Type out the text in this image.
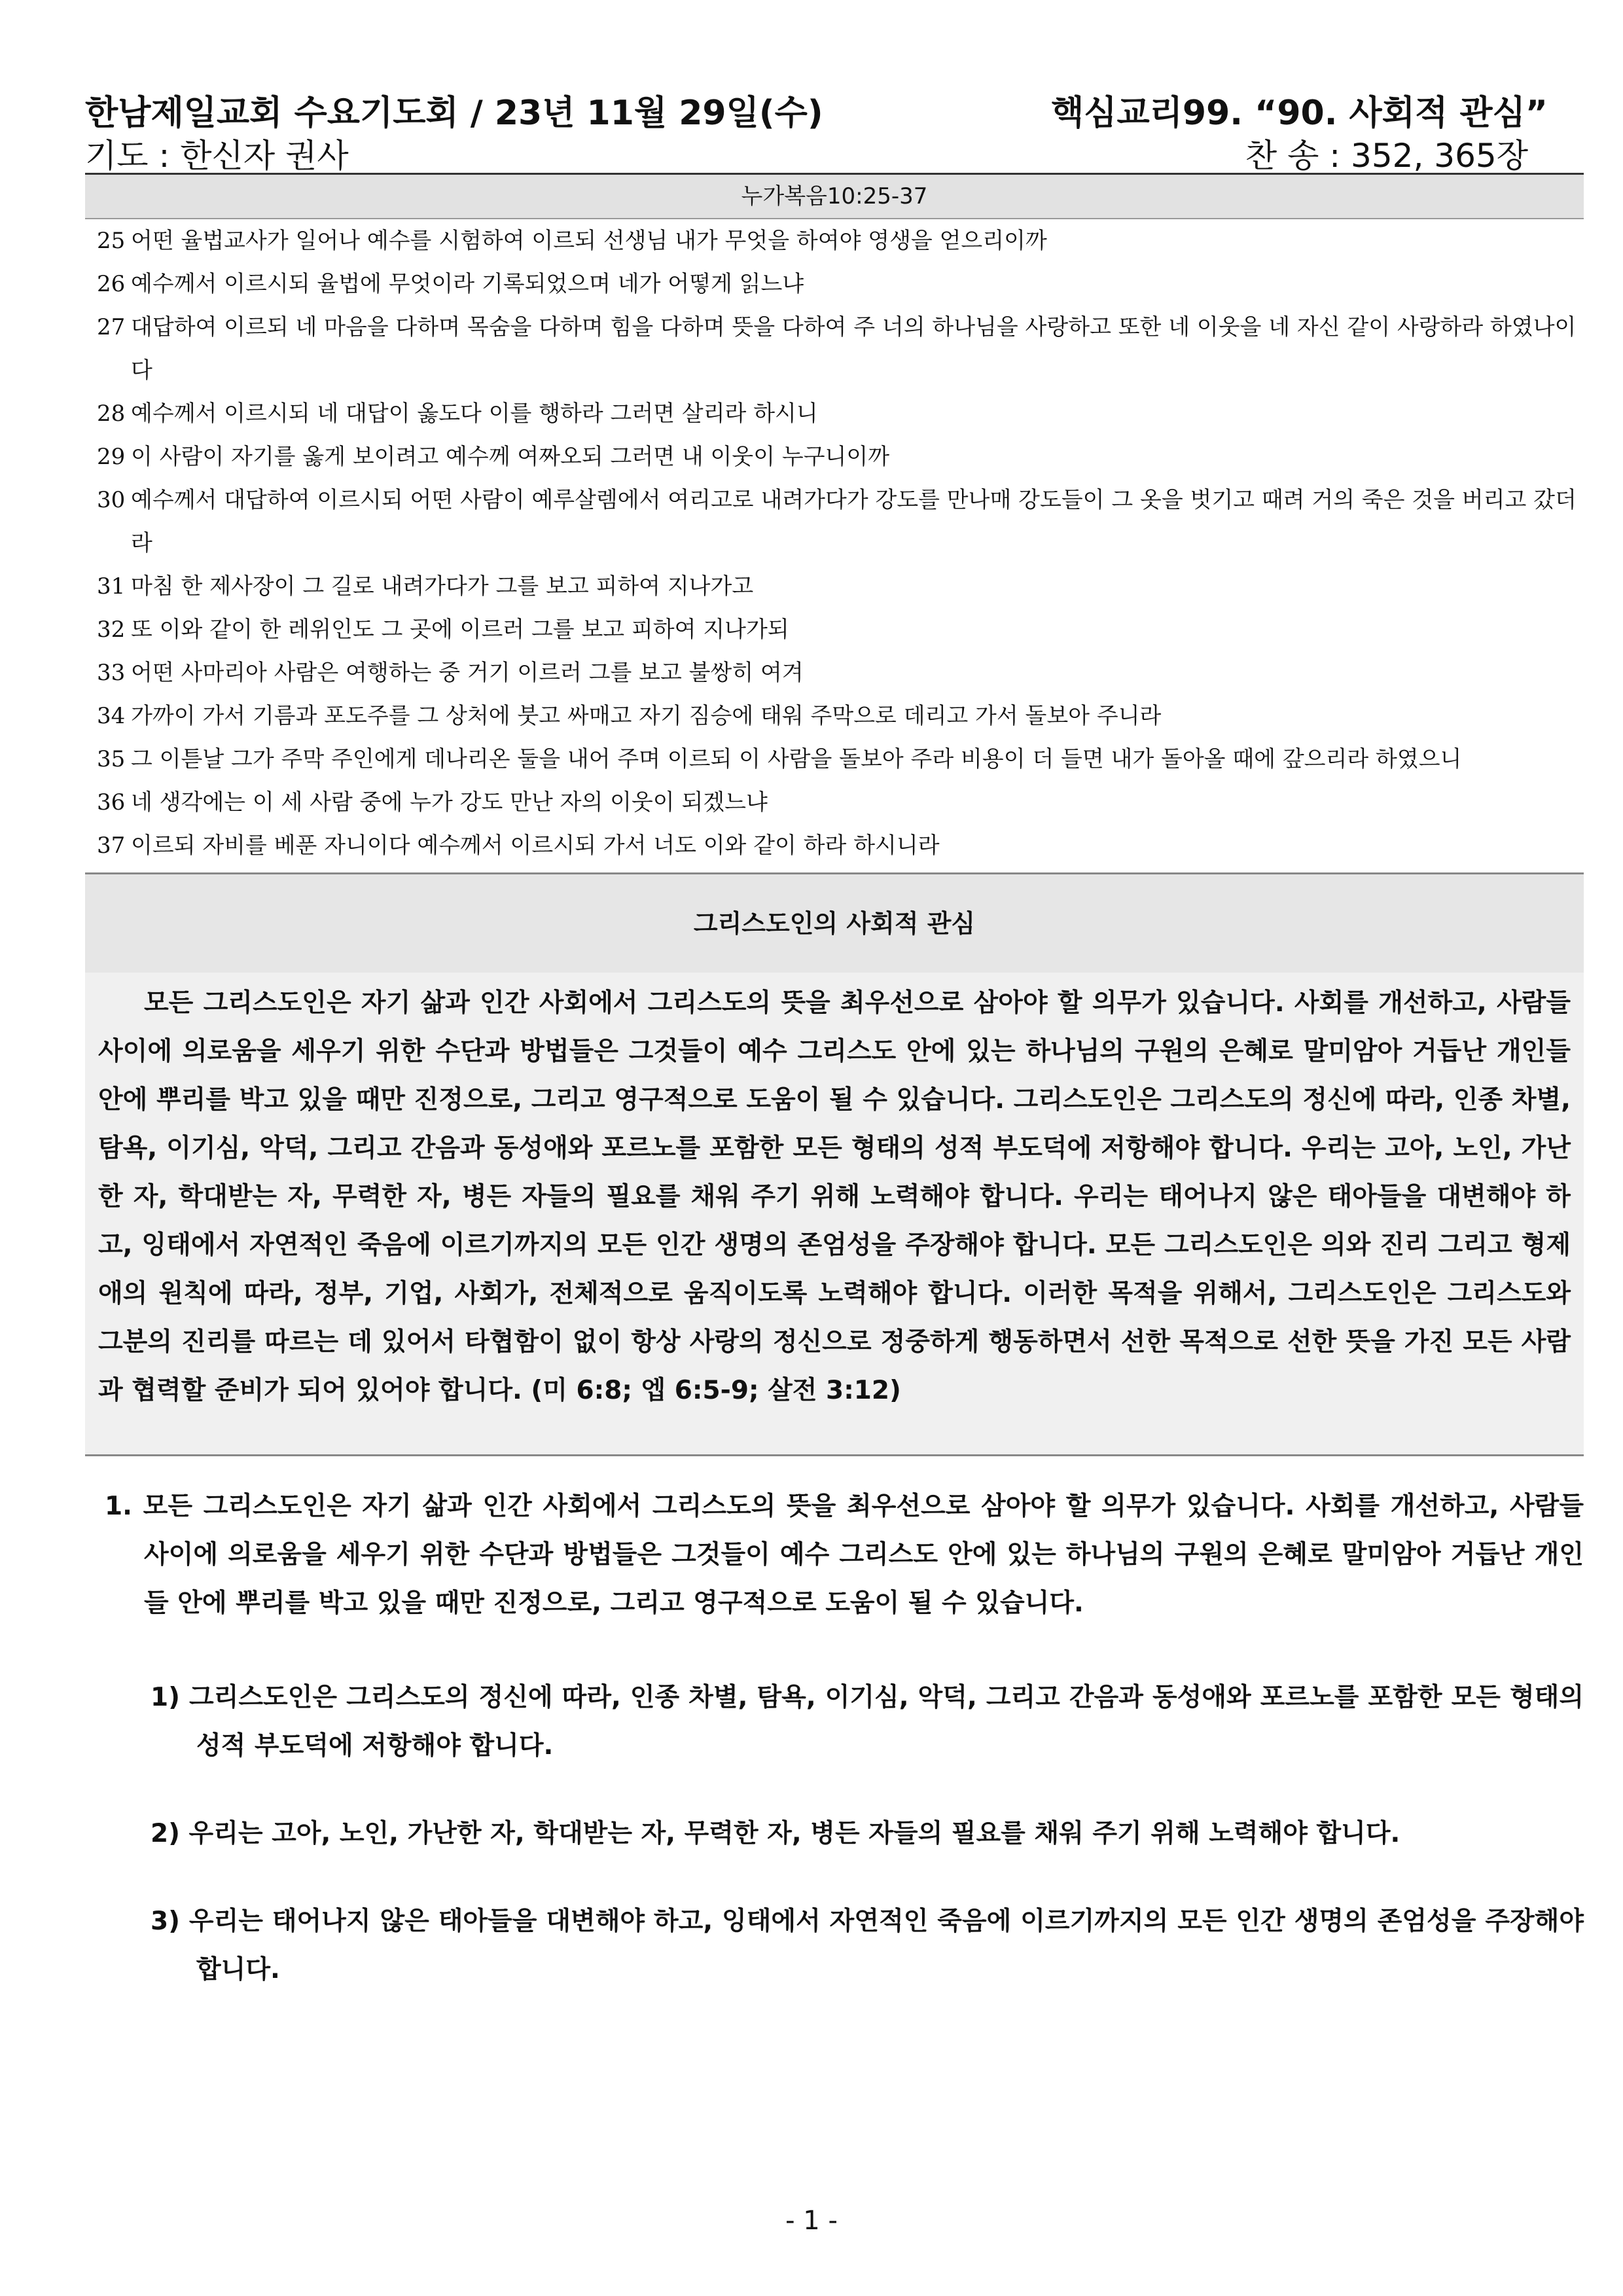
한남제일교회 수요기도회 / 23년 11월 29일(수)	핵심교리99. “90. 사회적 관심”
기도 : 한신자 권사	찬 송 : 352, 365장
누가복음10:25-37
25 어떤 율법교사가 일어나 예수를 시험하여 이르되 선생님 내가 무엇을 하여야 영생을 얻으리이까
26 예수께서 이르시되 율법에 무엇이라 기록되었으며 네가 어떻게 읽느냐
27 대답하여 이르되 네 마음을 다하며 목숨을 다하며 힘을 다하며 뜻을 다하여 주 너의 하나님을 사랑하고 또한 네 이웃을 네 자신 같이 사랑하라 하였나이다
28 예수께서 이르시되 네 대답이 옳도다 이를 행하라 그러면 살리라 하시니
29 이 사람이 자기를 옳게 보이려고 예수께 여짜오되 그러면 내 이웃이 누구니이까
30 예수께서 대답하여 이르시되 어떤 사람이 예루살렘에서 여리고로 내려가다가 강도를 만나매 강도들이 그 옷을 벗기고 때려 거의 죽은 것을 버리고 갔더라
31 마침 한 제사장이 그 길로 내려가다가 그를 보고 피하여 지나가고
32 또 이와 같이 한 레위인도 그 곳에 이르러 그를 보고 피하여 지나가되
33 어떤 사마리아 사람은 여행하는 중 거기 이르러 그를 보고 불쌍히 여겨
34 가까이 가서 기름과 포도주를 그 상처에 붓고 싸매고 자기 짐승에 태워 주막으로 데리고 가서 돌보아 주니라
35 그 이튿날 그가 주막 주인에게 데나리온 둘을 내어 주며 이르되 이 사람을 돌보아 주라 비용이 더 들면 내가 돌아올 때에 갚으리라 하였으니
36 네 생각에는 이 세 사람 중에 누가 강도 만난 자의 이웃이 되겠느냐
37 이르되 자비를 베푼 자니이다 예수께서 이르시되 가서 너도 이와 같이 하라 하시니라
그리스도인의 사회적 관심
모든 그리스도인은 자기 삶과 인간 사회에서 그리스도의 뜻을 최우선으로 삼아야 할 의무가 있습니다. 사회를 개선하고, 사람들 사이에 의로움을 세우기 위한 수단과 방법들은 그것들이 예수 그리스도 안에 있는 하나님의 구원의 은혜로 말미암아 거듭난 개인들 안에 뿌리를 박고 있을 때만 진정으로, 그리고 영구적으로 도움이 될 수 있습니다. 그리스도인은 그리스도의 정신에 따라, 인종 차별, 탐욕, 이기심, 악덕, 그리고 간음과 동성애와 포르노를 포함한 모든 형태의 성적 부도덕에 저항해야 합니다. 우리는 고아, 노인, 가난한 자, 학대받는 자, 무력한 자, 병든 자들의 필요를 채워 주기 위해 노력해야 합니다. 우리는 태어나지 않은 태아들을 대변해야 하고, 잉태에서 자연적인 죽음에 이르기까지의 모든 인간 생명의 존엄성을 주장해야 합니다. 모든 그리스도인은 의와 진리 그리고 형제애의 원칙에 따라, 정부, 기업, 사회가, 전체적으로 움직이도록 노력해야 합니다. 이러한 목적을 위해서, 그리스도인은 그리스도와 그분의 진리를 따르는 데 있어서 타협함이 없이 항상 사랑의 정신으로 정중하게 행동하면서 선한 목적으로 선한 뜻을 가진 모든 사람과 협력할 준비가 되어 있어야 합니다. (미 6:8; 엡 6:5-9; 살전 3:12)
1. 모든 그리스도인은 자기 삶과 인간 사회에서 그리스도의 뜻을 최우선으로 삼아야 할 의무가 있습니다. 사회를 개선하고, 사람들 사이에 의로움을 세우기 위한 수단과 방법들은 그것들이 예수 그리스도 안에 있는 하나님의 구원의 은혜로 말미암아 거듭난 개인들 안에 뿌리를 박고 있을 때만 진정으로, 그리고 영구적으로 도움이 될 수 있습니다.
1) 그리스도인은 그리스도의 정신에 따라, 인종 차별, 탐욕, 이기심, 악덕, 그리고 간음과 동성애와 포르노를 포함한 모든 형태의 성적 부도덕에 저항해야 합니다.
2) 우리는 고아, 노인, 가난한 자, 학대받는 자, 무력한 자, 병든 자들의 필요를 채워 주기 위해 노력해야 합니다.
3) 우리는 태어나지 않은 태아들을 대변해야 하고, 잉태에서 자연적인 죽음에 이르기까지의 모든 인간 생명의 존엄성을 주장해야 합니다.
- 1 -
